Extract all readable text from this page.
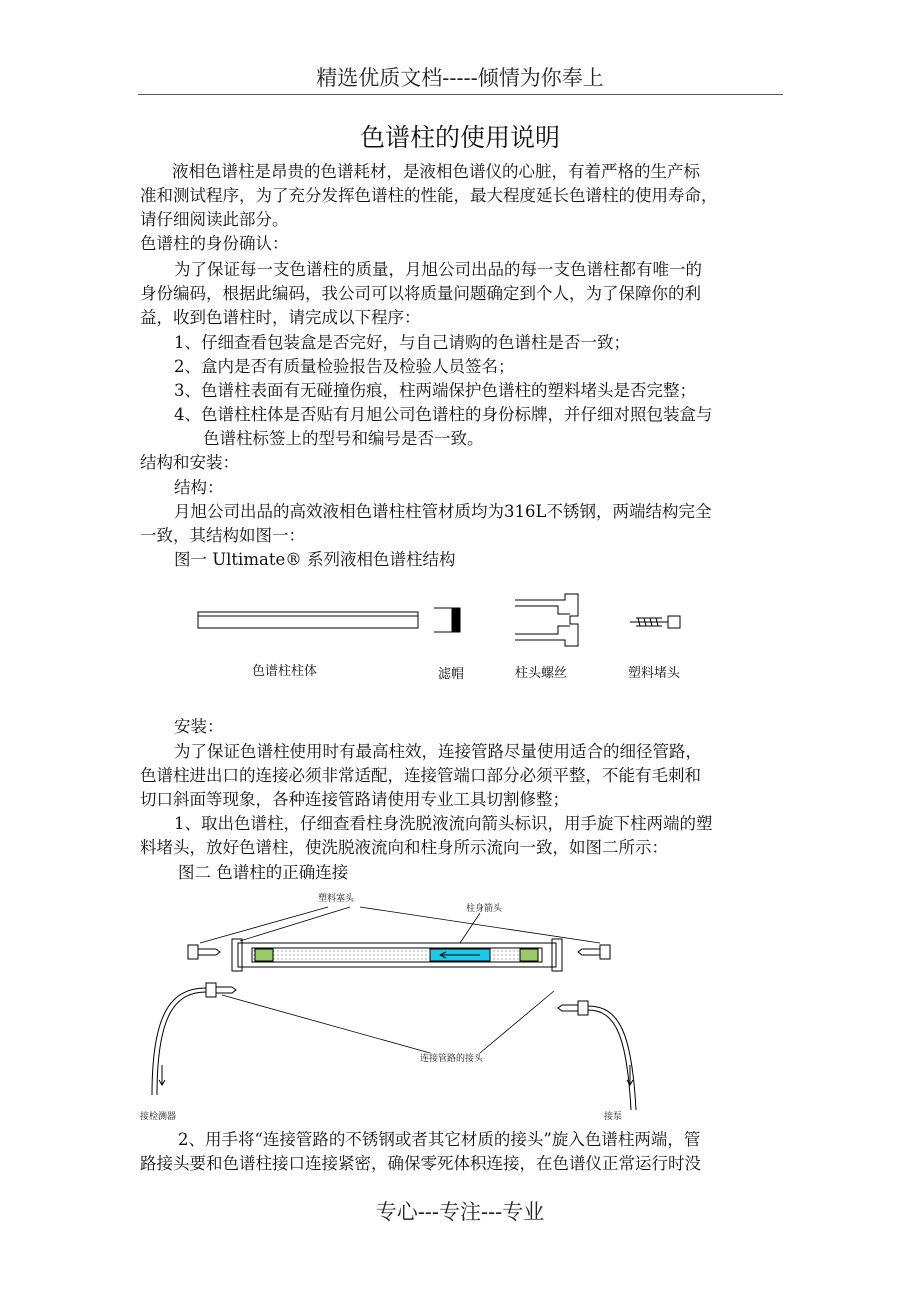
精选优质文档-----倾情为你奉上
色谱柱的使用说明
液相色谱柱是昂贵的色谱耗材，是液相色谱仪的心脏，有着严格的生产标
准和测试程序，为了充分发挥色谱柱的性能，最大程度延长色谱柱的使用寿命，
请仔细阅读此部分。
色谱柱的身份确认：
为了保证每一支色谱柱的质量，月旭公司出品的每一支色谱柱都有唯一的
身份编码，根据此编码，我公司可以将质量问题确定到个人，为了保障你的利
益，收到色谱柱时，请完成以下程序：
1、仔细查看包装盒是否完好，与自己请购的色谱柱是否一致；
2、盒内是否有质量检验报告及检验人员签名；
3、色谱柱表面有无碰撞伤痕，柱两端保护色谱柱的塑料堵头是否完整；
4、色谱柱柱体是否贴有月旭公司色谱柱的身份标牌，并仔细对照包装盒与
色谱柱标签上的型号和编号是否一致。
结构和安装：
结构：
月旭公司出品的高效液相色谱柱柱管材质均为316L不锈钢，两端结构完全
一致，其结构如图一：
图一 Ultimate® 系列液相色谱柱结构
色谱柱柱体	滤帽	柱头螺丝	塑料堵头
安装：
为了保证色谱柱使用时有最高柱效，连接管路尽量使用适合的细径管路，
色谱柱进出口的连接必须非常适配，连接管端口部分必须平整，不能有毛刺和
切口斜面等现象，各种连接管路请使用专业工具切割修整；
1、取出色谱柱，仔细查看柱身洗脱液流向箭头标识，用手旋下柱两端的塑
料堵头，放好色谱柱，使洗脱液流向和柱身所示流向一致，如图二所示：
图二 色谱柱的正确连接
塑料塞头
柱身箭头
连接管路的接头
接检测器	接泵
2、用手将“连接管路的不锈钢或者其它材质的接头”旋入色谱柱两端，管
路接头要和色谱柱接口连接紧密，确保零死体积连接，在色谱仪正常运行时没
专心---专注---专业
